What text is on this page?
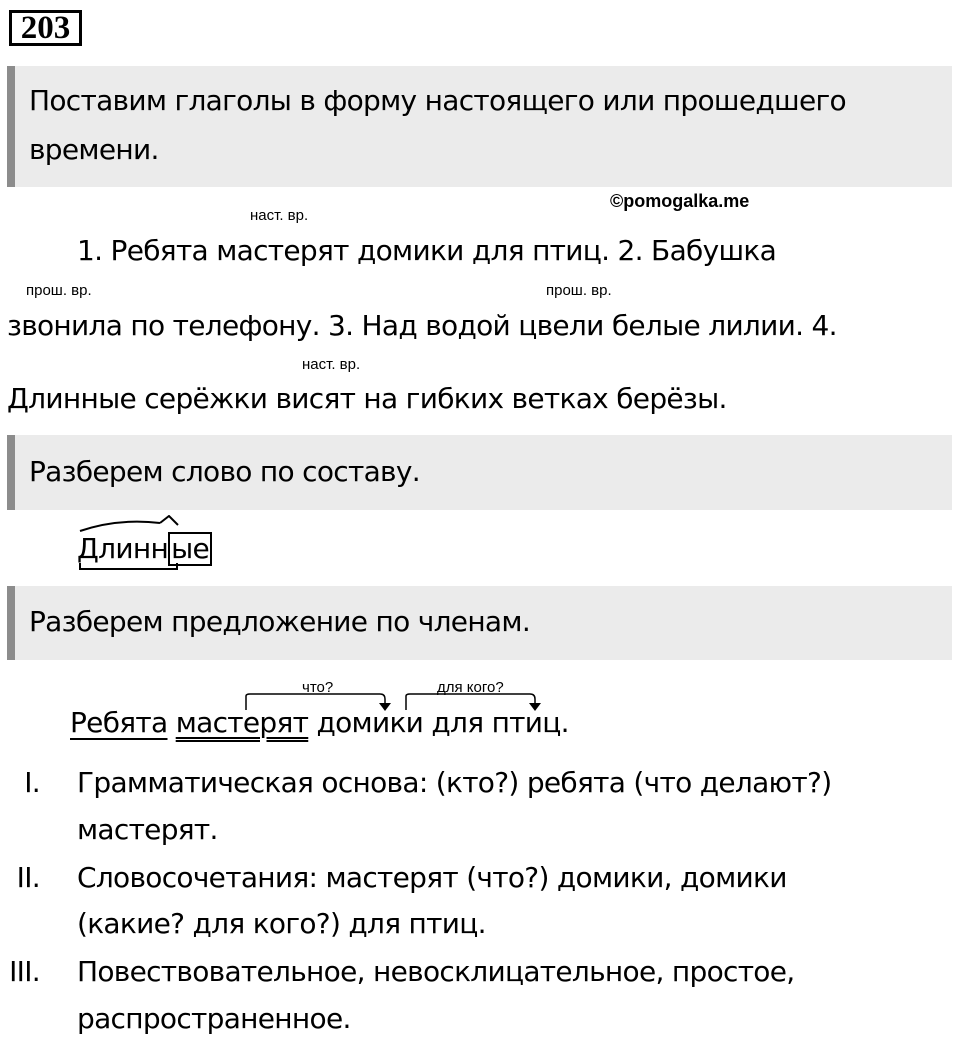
203
Поставим глаголы в форму настоящего или прошедшего
времени.
©pomogalka.me
наст. вр.
прош. вр.	прош. вр.
наст. вр.
1. Ребята мастерят домики для птиц. 2. Бабушка
звонила по телефону. 3. Над водой цвели белые лилии. 4.
Длинные серёжки висят на гибких ветках берёзы.
Разберем слово по составу.
Длинн ые
Разберем предложение по членам.
что?	для кого?
Ребята мастерят домики для птиц.
I. Грамматическая основа: (кто?) ребята (что делают?)
мастерят.
II. Словосочетания: мастерят (что?) домики, домики
(какие? для кого?) для птиц.
III. Повествовательное, невосклицательное, простое,
распространенное.
